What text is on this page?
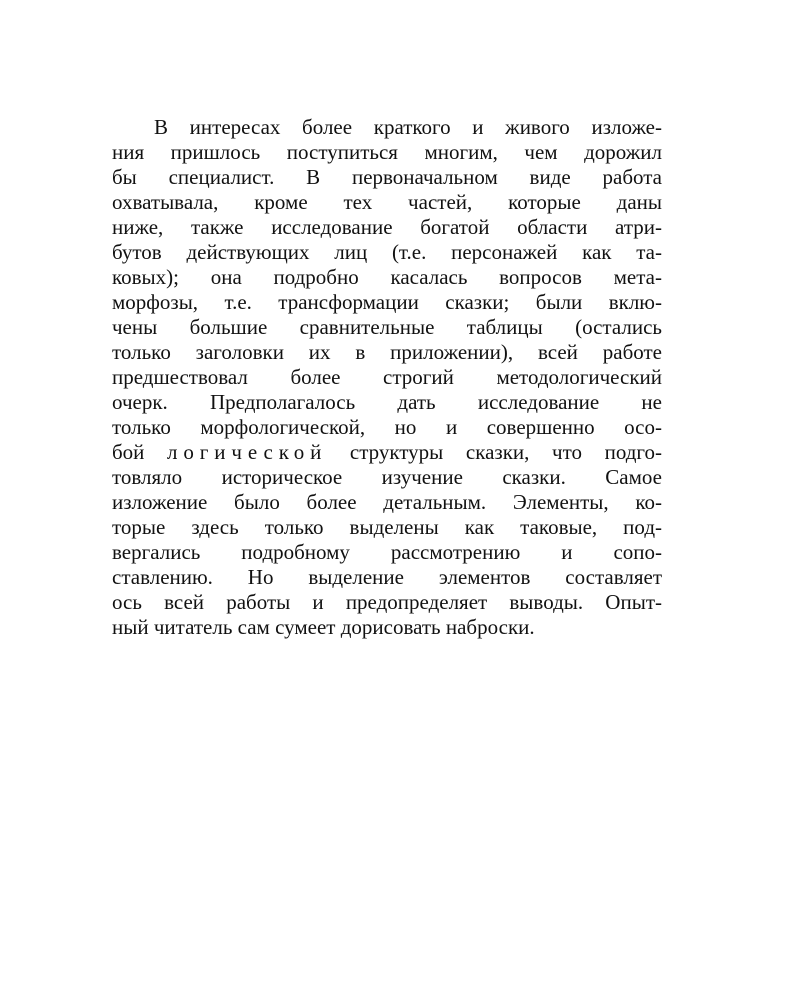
В интересах более краткого и живого изложе-
ния пришлось поступиться многим, чем дорожил
бы специалист. В первоначальном виде работа
охватывала, кроме тех частей, которые даны
ниже, также исследование богатой области атри-
бутов действующих лиц (т.е. персонажей как та-
ковых); она подробно касалась вопросов мета-
морфозы, т.е. трансформации сказки; были вклю-
чены большие сравнительные таблицы (остались
только заголовки их в приложении), всей работе
предшествовал более строгий методологический
очерк. Предполагалось дать исследование не
только морфологической, но и совершенно осо-
бой логической структуры сказки, что подго-
товляло историческое изучение сказки. Самое
изложение было более детальным. Элементы, ко-
торые здесь только выделены как таковые, под-
вергались подробному рассмотрению и сопо-
ставлению. Но выделение элементов составляет
ось всей работы и предопределяет выводы. Опыт-
ный читатель сам сумеет дорисовать наброски.
